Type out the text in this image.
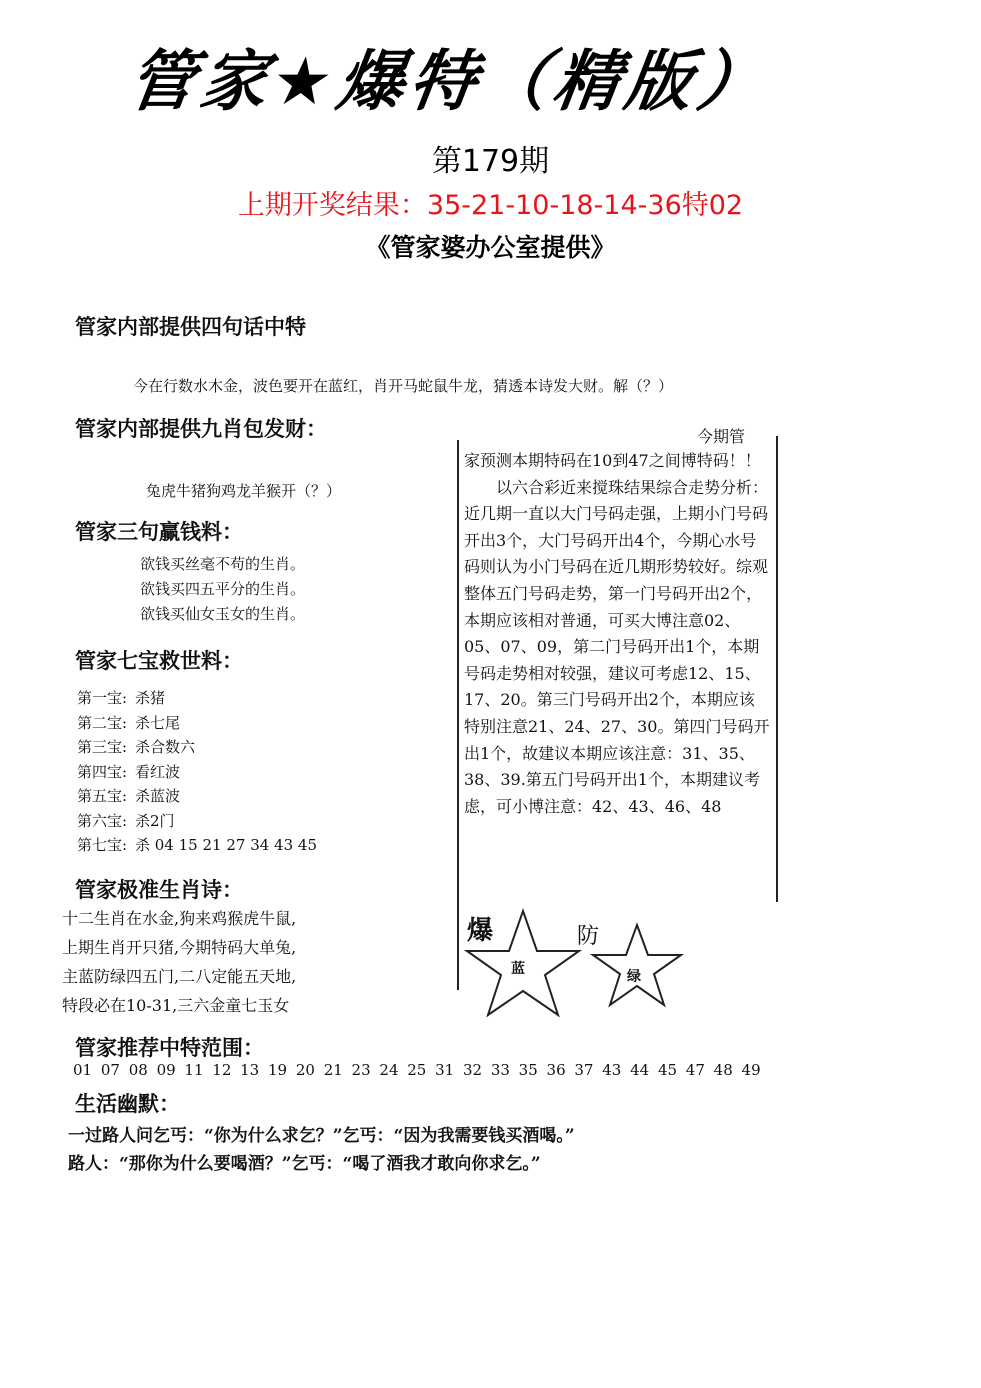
管家★爆特（精版）
第179期
上期开奖结果：35-21-10-18-14-36特02
《管家婆办公室提供》
管家内部提供四句话中特
今在行数水木金，波色要开在蓝红，肖开马蛇鼠牛龙，猜透本诗发大财。解（？）
管家内部提供九肖包发财：
兔虎牛猪狗鸡龙羊猴开（？）
管家三句赢钱料：
欲钱买丝毫不苟的生肖。
欲钱买四五平分的生肖。
欲钱买仙女玉女的生肖。
管家七宝救世料：
第一宝: 杀猪
第二宝: 杀七尾
第三宝: 杀合数六
第四宝: 看红波
第五宝: 杀蓝波
第六宝: 杀2门
第七宝: 杀 04 15 21 27 34 43 45
管家极准生肖诗：
十二生肖在水金,狗来鸡猴虎牛鼠,
上期生肖开只猪,今期特码大单兔,
主蓝防绿四五门,二八定能五天地,
特段必在10-31,三六金童七玉女
管家推荐中特范围：
01 07 08 09 11 12 13 19 20 21 23 24 25 31 32 33 35 36 37 43 44 45 47 48 49
生活幽默：
一过路人问乞丐：“你为什么求乞？”乞丐：“因为我需要钱买酒喝。”
路人：“那你为什么要喝酒？”乞丐：“喝了酒我才敢向你求乞。”
今期管

家预测本期特码在10到47之间博特码！！

以六合彩近来搅珠结果综合走势分析：近几期一直以大门号码走强，上期小门号码开出3个，大门号码开出4个，今期心水号码则认为小门号码在近几期形势较好。综观整体五门号码走势，第一门号码开出2个，本期应该相对普通，可买大博注意02、05、07、09，第二门号码开出1个，本期号码走势相对较强，建议可考虑12、15、17、20。第三门号码开出2个，本期应该特别注意21、24、27、30。第四门号码开出1个，故建议本期应该注意：31、35、38、39.第五门号码开出1个，本期建议考虑，可小博注意：42、43、46、48

爆
蓝
防
绿
